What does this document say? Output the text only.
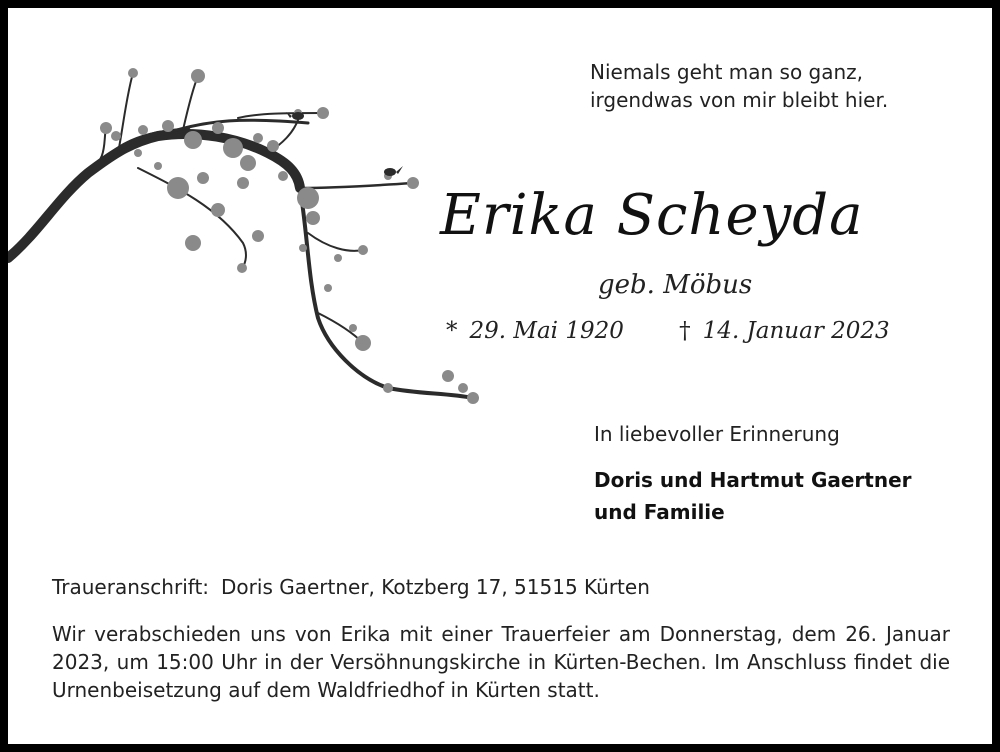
Niemals geht man so ganz,
irgendwas von mir bleibt hier.
Erika Scheyda
geb. Möbus
* 29. Mai 1920 † 14. Januar 2023
In liebevoller Erinnerung
Doris und Hartmut Gaertner
und Familie
Traueranschrift: Doris Gaertner, Kotzberg 17, 51515 Kürten
Wir verabschieden uns von Erika mit einer Trauerfeier am Donnerstag, dem 26. Januar 2023, um 15:00 Uhr in der Versöhnungskirche in Kürten-Bechen. Im Anschluss findet die Urnenbeisetzung auf dem Waldfriedhof in Kürten statt.
